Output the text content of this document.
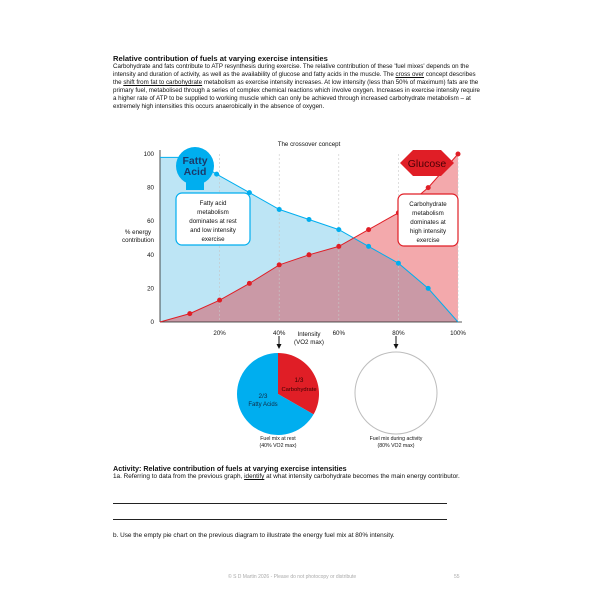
Relative contribution of fuels at varying exercise intensities
Carbohydrate and fats contribute to ATP resynthesis during exercise. The relative contribution of these 'fuel mixes' depends on the intensity and duration of activity, as well as the availability of glucose and fatty acids in the muscle. The cross over concept describes the shift from fat to carbohydrate metabolism as exercise intensity increases. At low intensity (less than 50% of maximum) fats are the primary fuel, metabolised through a series of complex chemical reactions which involve oxygen. Increases in exercise intensity require a higher rate of ATP to be supplied to working muscle which can only be achieved through increased carbohydrate metabolism – at extremely high intensities this occurs anaerobically in the absence of oxygen.
The crossover concept
0
20
40
60
80
100
20%	40%	60%	80%	100%
% energy contribution
Intensity (VO2 max)
Fatty Acid
Glucose
Fatty acid metabolism dominates at rest and low intensity exercise
Carbohydrate metabolism dominates at high intensity exercise
1/3
Carbohydrate
2/3
Fatty Acids
Fuel mix at rest (40% VO2 max)
Fuel mix during activity (80% VO2 max)
Activity: Relative contribution of fuels at varying exercise intensities
1a. Referring to data from the previous graph, identify at what intensity carbohydrate becomes the main energy contributor.
b. Use the empty pie chart on the previous diagram to illustrate the energy fuel mix at 80% intensity.
© S D Martin 2026 - Please do not photocopy or distribute	55
